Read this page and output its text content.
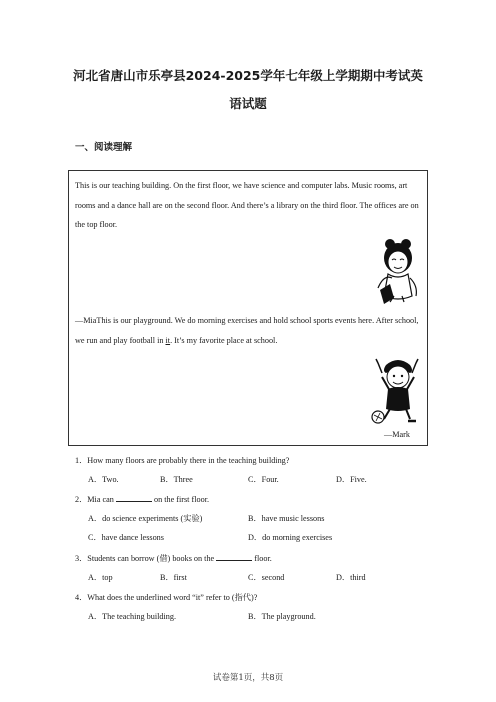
河北省唐山市乐亭县2024-2025学年七年级上学期期中考试英
语试题
一、阅读理解
This is our teaching building. On the first floor, we have science and computer labs. Music rooms, art rooms and a dance hall are on the second floor. And there’s a library on the third floor. The offices are on the top floor.
—MiaThis is our playground. We do morning exercises and hold school sports events here. After school, we run and play football in it. It’s my favorite place at school.
—Mark
1．How many floors are probably there in the teaching building?
A．Two.	B．Three	C．Four.	D．Five.
2．Mia can	on the first floor.
A．do science experiments (实验)	B．have music lessons
C．have dance lessons	D．do morning exercises
3．Students can borrow (借) books on the	floor.
A．top	B．first	C．second	D．third
4．What does the underlined word “it” refer to (指代)?
A．The teaching building.	B．The playground.
试卷第1页，共8页
